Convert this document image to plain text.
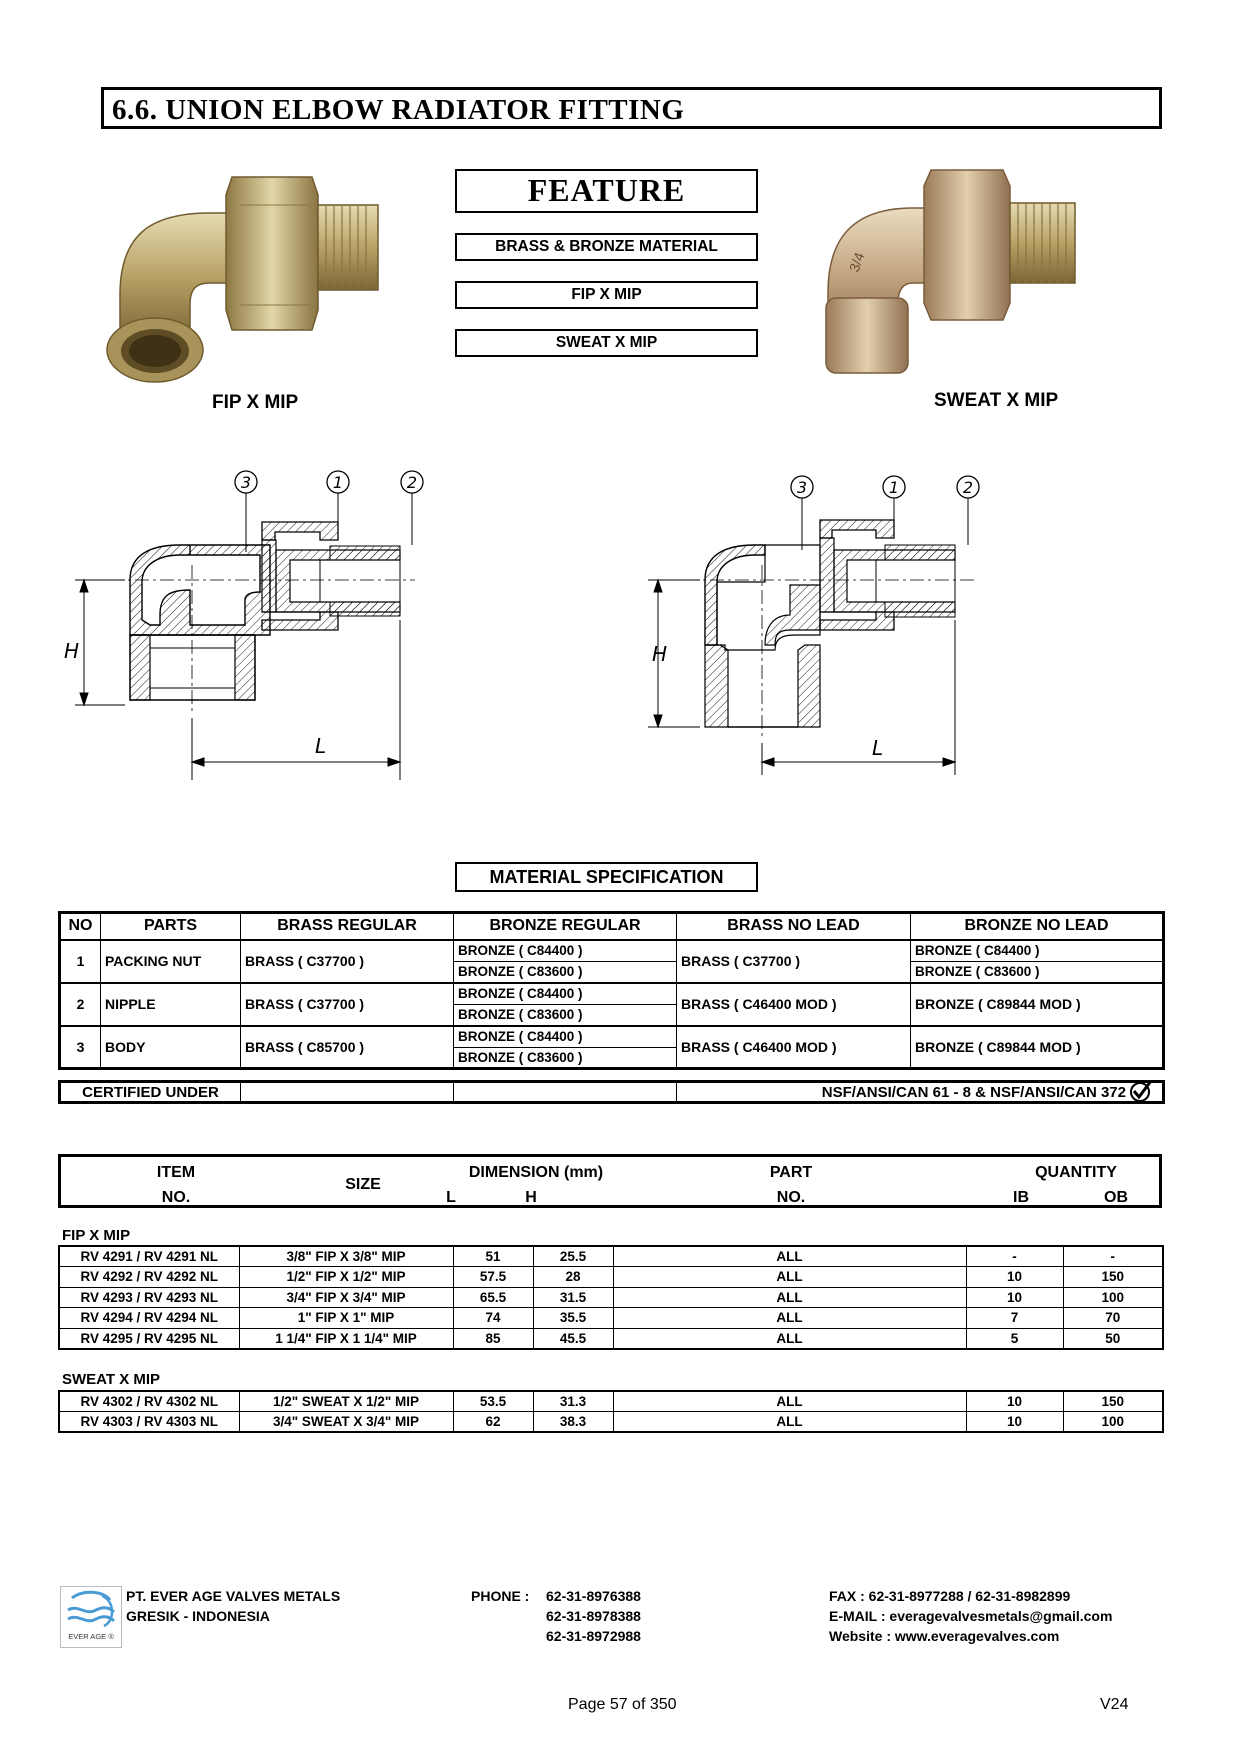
6.6. UNION ELBOW RADIATOR FITTING
FEATURE
BRASS & BRONZE MATERIAL
FIP X MIP
SWEAT X MIP
FIP X MIP
3/4
SWEAT X MIP
3	1	2
H
L
3	1	2
H
L
MATERIAL SPECIFICATION
NO	PARTS	BRASS REGULAR	BRONZE REGULAR	BRASS NO LEAD	BRONZE NO LEAD
1	PACKING NUT	BRASS ( C37700 )	BRONZE ( C84400 )	BRASS ( C37700 )	BRONZE ( C84400 )
			BRONZE ( C83600 )		BRONZE ( C83600 )
2	NIPPLE	BRASS ( C37700 )	BRONZE ( C84400 )	BRASS ( C46400 MOD )	BRONZE ( C89844 MOD )
			BRONZE ( C83600 )		
3	BODY	BRASS ( C85700 )	BRONZE ( C84400 )	BRASS ( C46400 MOD )	BRONZE ( C89844 MOD )
			BRONZE ( C83600 )		
CERTIFIED UNDER			NSF/ANSI/CAN 61 - 8 & NSF/ANSI/CAN 372
ITEM
NO.
SIZE
DIMENSION (mm)
L	H
PART
NO.
QUANTITY
IB	OB
FIP X MIP
RV 4291 / RV 4291 NL	3/8" FIP X 3/8" MIP	51	25.5	ALL	-	-
RV 4292 / RV 4292 NL	1/2" FIP X 1/2" MIP	57.5	28	ALL	10	150
RV 4293 / RV 4293 NL	3/4" FIP X 3/4" MIP	65.5	31.5	ALL	10	100
RV 4294 / RV 4294 NL	1" FIP X 1" MIP	74	35.5	ALL	7	70
RV 4295 / RV 4295 NL	1 1/4" FIP X 1 1/4" MIP	85	45.5	ALL	5	50
SWEAT X MIP
RV 4302 / RV 4302 NL	1/2" SWEAT X 1/2" MIP	53.5	31.3	ALL	10	150
RV 4303 / RV 4303 NL	3/4" SWEAT X 3/4" MIP	62	38.3	ALL	10	100
EVER AGE ®
PT. EVER AGE VALVES METALS
GRESIK - INDONESIA
PHONE : 62-31-8976388
62-31-8978388
62-31-8972988
FAX : 62-31-8977288 / 62-31-8982899
E-MAIL : everagevalvesmetals@gmail.com
Website : www.everagevalves.com
Page 57 of 350	V24
